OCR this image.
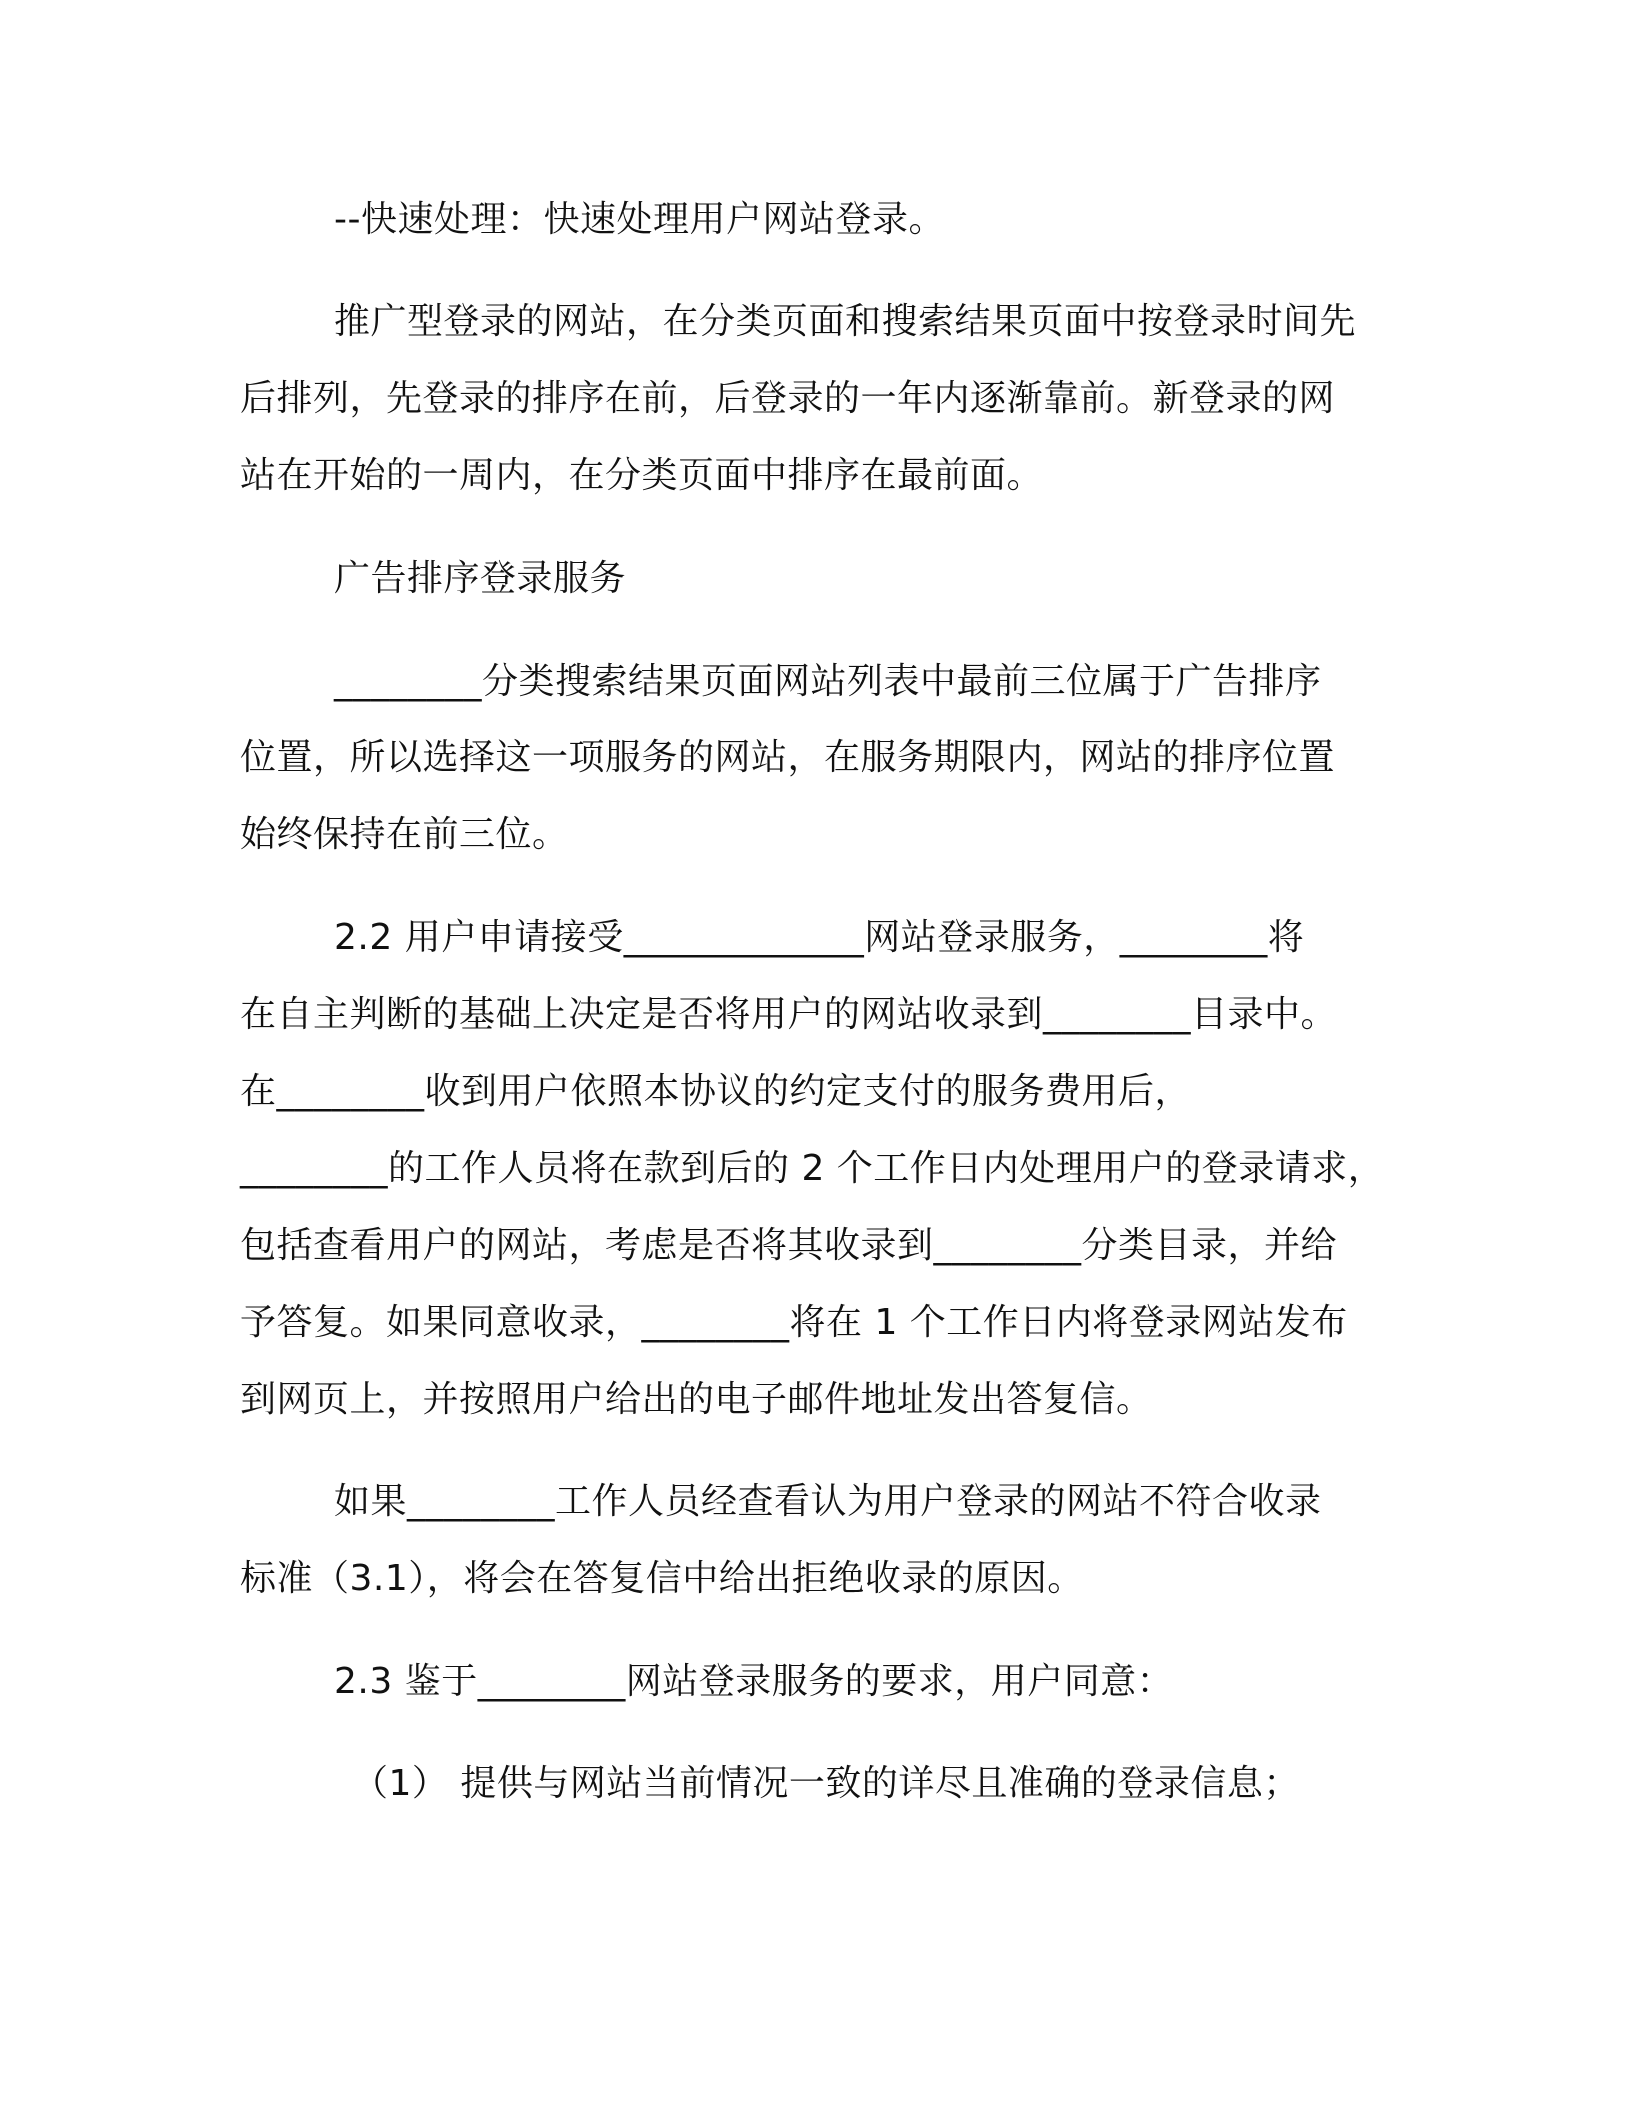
--快速处理：快速处理用户网站登录。
推广型登录的网站，在分类页面和搜索结果页面中按登录时间先
后排列，先登录的排序在前，后登录的一年内逐渐靠前。新登录的网
站在开始的一周内，在分类页面中排序在最前面。
广告排序登录服务
________分类搜索结果页面网站列表中最前三位属于广告排序
位置，所以选择这一项服务的网站，在服务期限内，网站的排序位置
始终保持在前三位。
2.2 用户申请接受_____________网站登录服务，________将
在自主判断的基础上决定是否将用户的网站收录到________目录中。
在________收到用户依照本协议的约定支付的服务费用后，
________的工作人员将在款到后的 2 个工作日内处理用户的登录请求，
包括查看用户的网站，考虑是否将其收录到________分类目录，并给
予答复。如果同意收录，________将在 1 个工作日内将登录网站发布
到网页上，并按照用户给出的电子邮件地址发出答复信。
如果________工作人员经查看认为用户登录的网站不符合收录
标准（3.1），将会在答复信中给出拒绝收录的原因。
2.3 鉴于________网站登录服务的要求，用户同意：
（1） 提供与网站当前情况一致的详尽且准确的登录信息；
